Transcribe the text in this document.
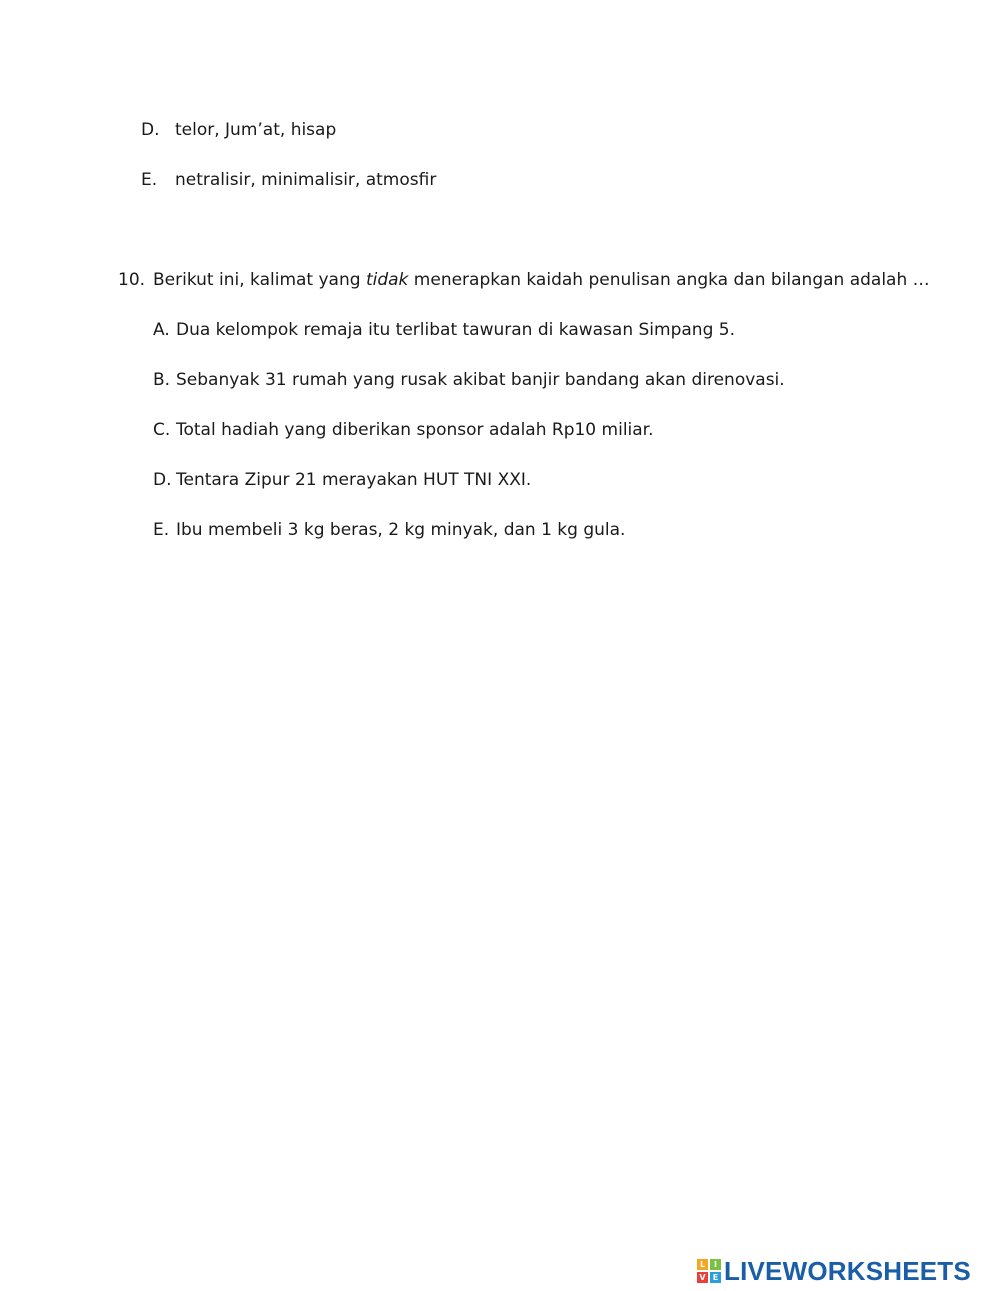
D. telor, Jum’at, hisap
E. netralisir, minimalisir, atmosfir
10. Berikut ini, kalimat yang tidak menerapkan kaidah penulisan angka dan bilangan adalah …
A. Dua kelompok remaja itu terlibat tawuran di kawasan Simpang 5.
B. Sebanyak 31 rumah yang rusak akibat banjir bandang akan direnovasi.
C. Total hadiah yang diberikan sponsor adalah Rp10 miliar.
D. Tentara Zipur 21 merayakan HUT TNI XXI.
E. Ibu membeli 3 kg beras, 2 kg minyak, dan 1 kg gula.
L	I
V E LIVEWORKSHEETS
